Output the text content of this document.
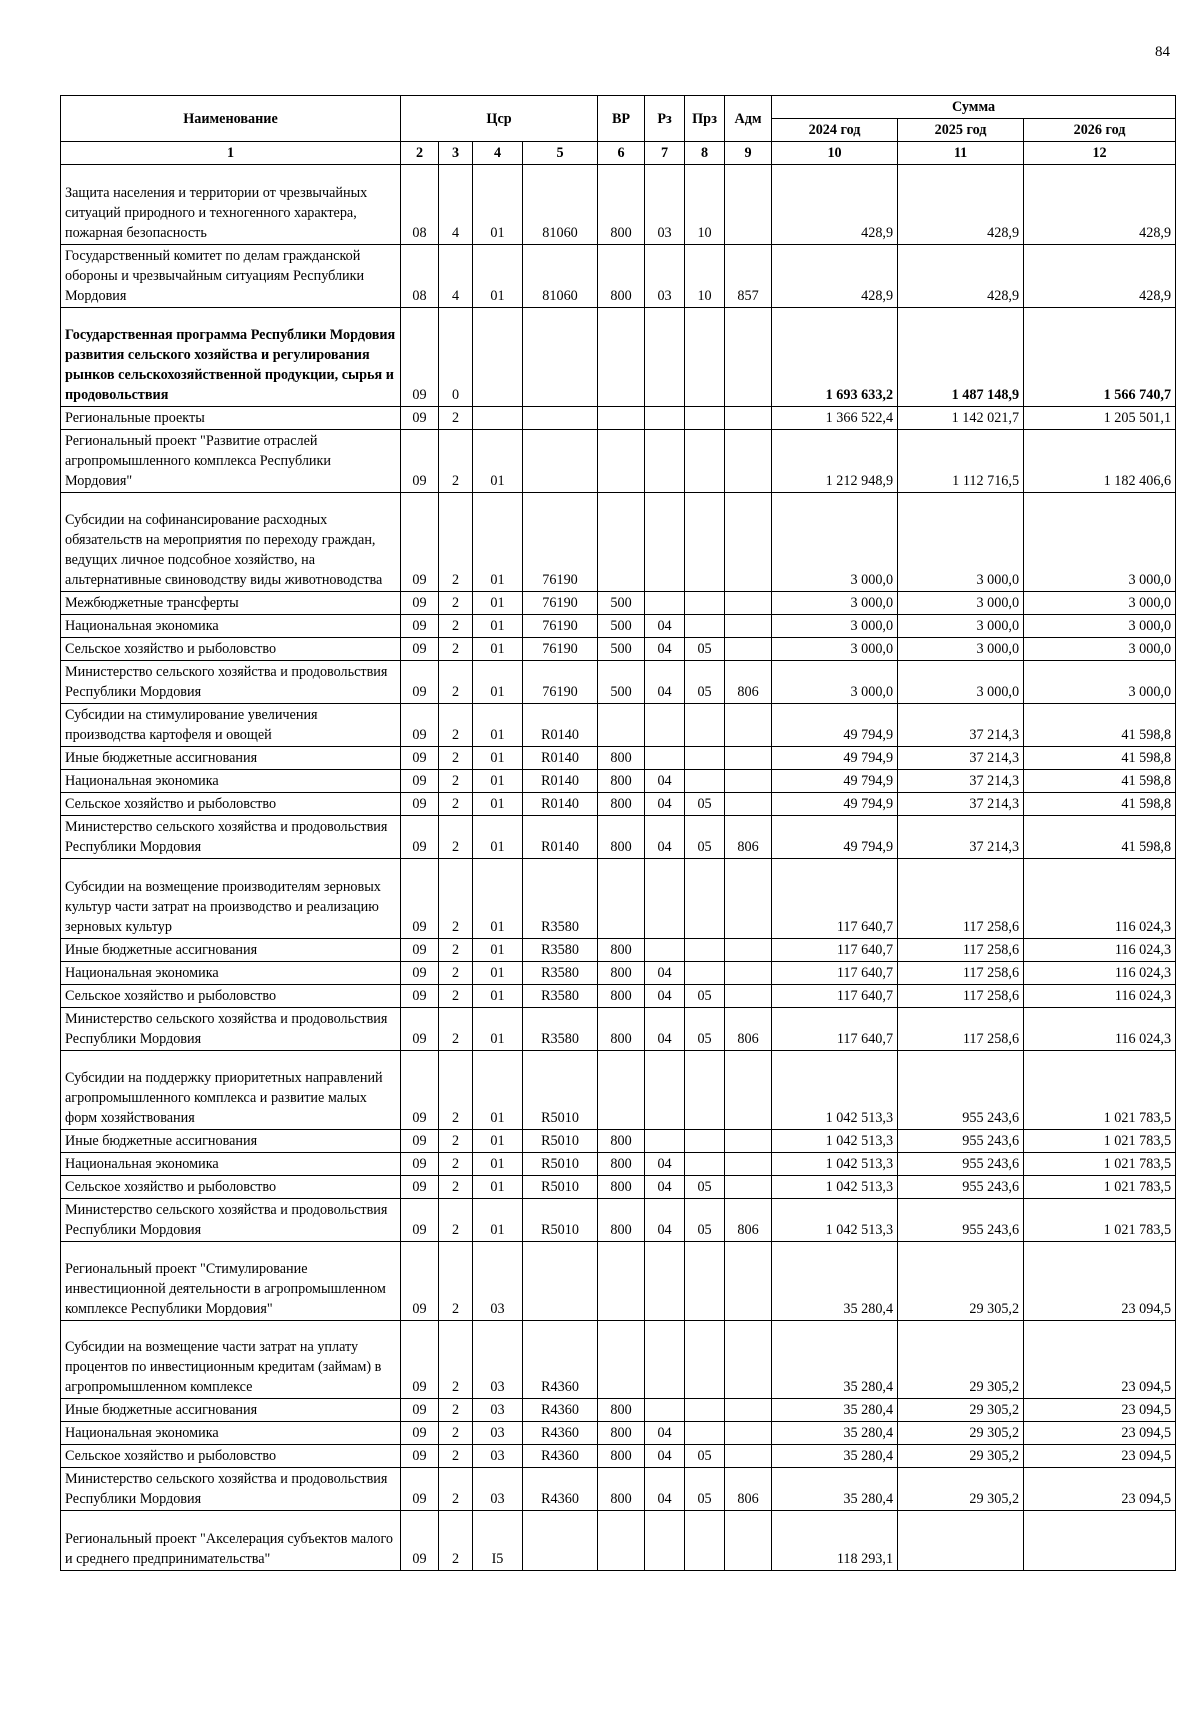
84
Наименование	Цср				ВР	Рз	Прз	Адм	Сумма		
									2024 год	2025 год	2026 год
1	2	3	4	5	6	7	8	9	10	11	12
Защита населения и территории от чрезвычайных ситуаций природного и техногенного характера, пожарная безопасность	08	4	01	81060	800	03	10		428,9	428,9	428,9
Государственный комитет по делам гражданской обороны и чрезвычайным ситуациям Республики Мордовия	08	4	01	81060	800	03	10	857	428,9	428,9	428,9
Государственная программа Республики Мордовия развития сельского хозяйства и регулирования рынков сельскохозяйственной продукции, сырья и продовольствия	09	0							1 693 633,2	1 487 148,9	1 566 740,7
Региональные проекты	09	2							1 366 522,4	1 142 021,7	1 205 501,1
Региональный проект "Развитие отраслей агропромышленного комплекса Республики Мордовия"	09	2	01						1 212 948,9	1 112 716,5	1 182 406,6
Субсидии на софинансирование расходных обязательств на мероприятия по переходу граждан, ведущих личное подсобное хозяйство, на альтернативные свиноводству виды животноводства	09	2	01	76190					3 000,0	3 000,0	3 000,0
Межбюджетные трансферты	09	2	01	76190	500				3 000,0	3 000,0	3 000,0
Национальная экономика	09	2	01	76190	500	04			3 000,0	3 000,0	3 000,0
Сельское хозяйство и рыболовство	09	2	01	76190	500	04	05		3 000,0	3 000,0	3 000,0
Министерство сельского хозяйства и продовольствия Республики Мордовия	09	2	01	76190	500	04	05	806	3 000,0	3 000,0	3 000,0
Субсидии на стимулирование увеличения производства картофеля и овощей	09	2	01	R0140					49 794,9	37 214,3	41 598,8
Иные бюджетные ассигнования	09	2	01	R0140	800				49 794,9	37 214,3	41 598,8
Национальная экономика	09	2	01	R0140	800	04			49 794,9	37 214,3	41 598,8
Сельское хозяйство и рыболовство	09	2	01	R0140	800	04	05		49 794,9	37 214,3	41 598,8
Министерство сельского хозяйства и продовольствия Республики Мордовия	09	2	01	R0140	800	04	05	806	49 794,9	37 214,3	41 598,8
Субсидии на возмещение производителям зерновых культур части затрат на производство и реализацию зерновых культур	09	2	01	R3580					117 640,7	117 258,6	116 024,3
Иные бюджетные ассигнования	09	2	01	R3580	800				117 640,7	117 258,6	116 024,3
Национальная экономика	09	2	01	R3580	800	04			117 640,7	117 258,6	116 024,3
Сельское хозяйство и рыболовство	09	2	01	R3580	800	04	05		117 640,7	117 258,6	116 024,3
Министерство сельского хозяйства и продовольствия Республики Мордовия	09	2	01	R3580	800	04	05	806	117 640,7	117 258,6	116 024,3
Субсидии на поддержку приоритетных направлений агропромышленного комплекса и развитие малых форм хозяйствования	09	2	01	R5010					1 042 513,3	955 243,6	1 021 783,5
Иные бюджетные ассигнования	09	2	01	R5010	800				1 042 513,3	955 243,6	1 021 783,5
Национальная экономика	09	2	01	R5010	800	04			1 042 513,3	955 243,6	1 021 783,5
Сельское хозяйство и рыболовство	09	2	01	R5010	800	04	05		1 042 513,3	955 243,6	1 021 783,5
Министерство сельского хозяйства и продовольствия Республики Мордовия	09	2	01	R5010	800	04	05	806	1 042 513,3	955 243,6	1 021 783,5
Региональный проект "Стимулирование инвестиционной деятельности в агропромышленном комплексе Республики Мордовия"	09	2	03						35 280,4	29 305,2	23 094,5
Субсидии на возмещение части затрат на уплату процентов по инвестиционным кредитам (займам) в агропромышленном комплексе	09	2	03	R4360					35 280,4	29 305,2	23 094,5
Иные бюджетные ассигнования	09	2	03	R4360	800				35 280,4	29 305,2	23 094,5
Национальная экономика	09	2	03	R4360	800	04			35 280,4	29 305,2	23 094,5
Сельское хозяйство и рыболовство	09	2	03	R4360	800	04	05		35 280,4	29 305,2	23 094,5
Министерство сельского хозяйства и продовольствия Республики Мордовия	09	2	03	R4360	800	04	05	806	35 280,4	29 305,2	23 094,5
Региональный проект "Акселерация субъектов малого и среднего предпринимательства"	09	2	I5						118 293,1		
